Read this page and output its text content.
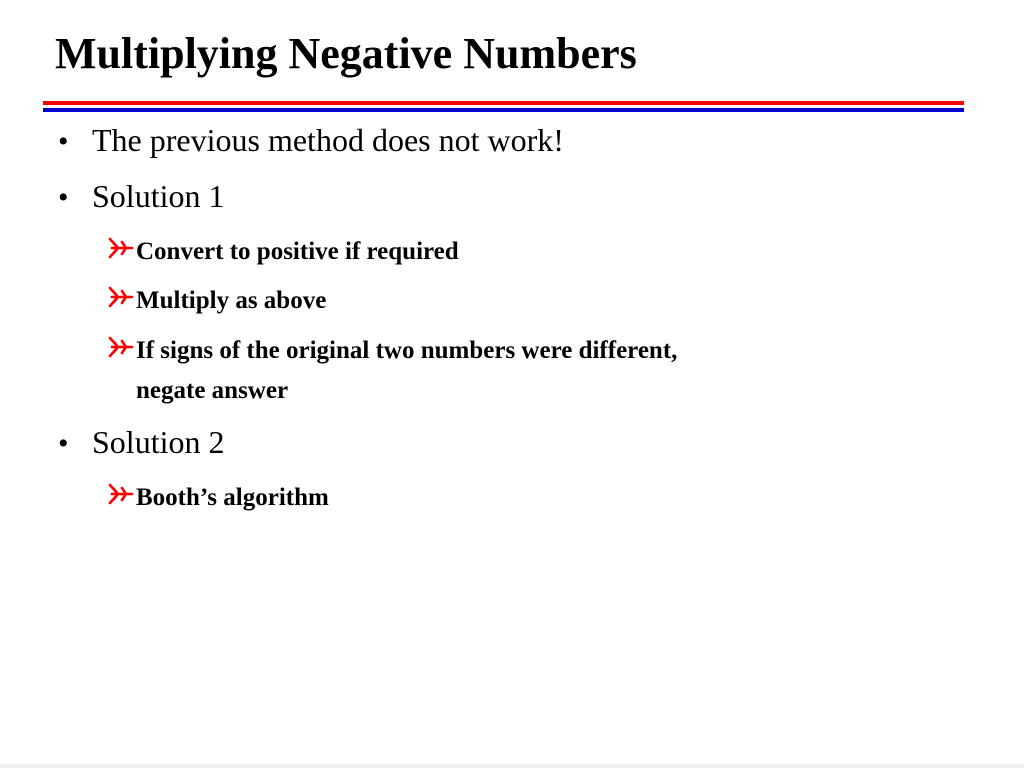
Multiplying Negative Numbers
• The previous method does not work!
• Solution 1
Convert to positive if required
Multiply as above
If signs of the original two numbers were different,
negate answer
• Solution 2
Booth’s algorithm
